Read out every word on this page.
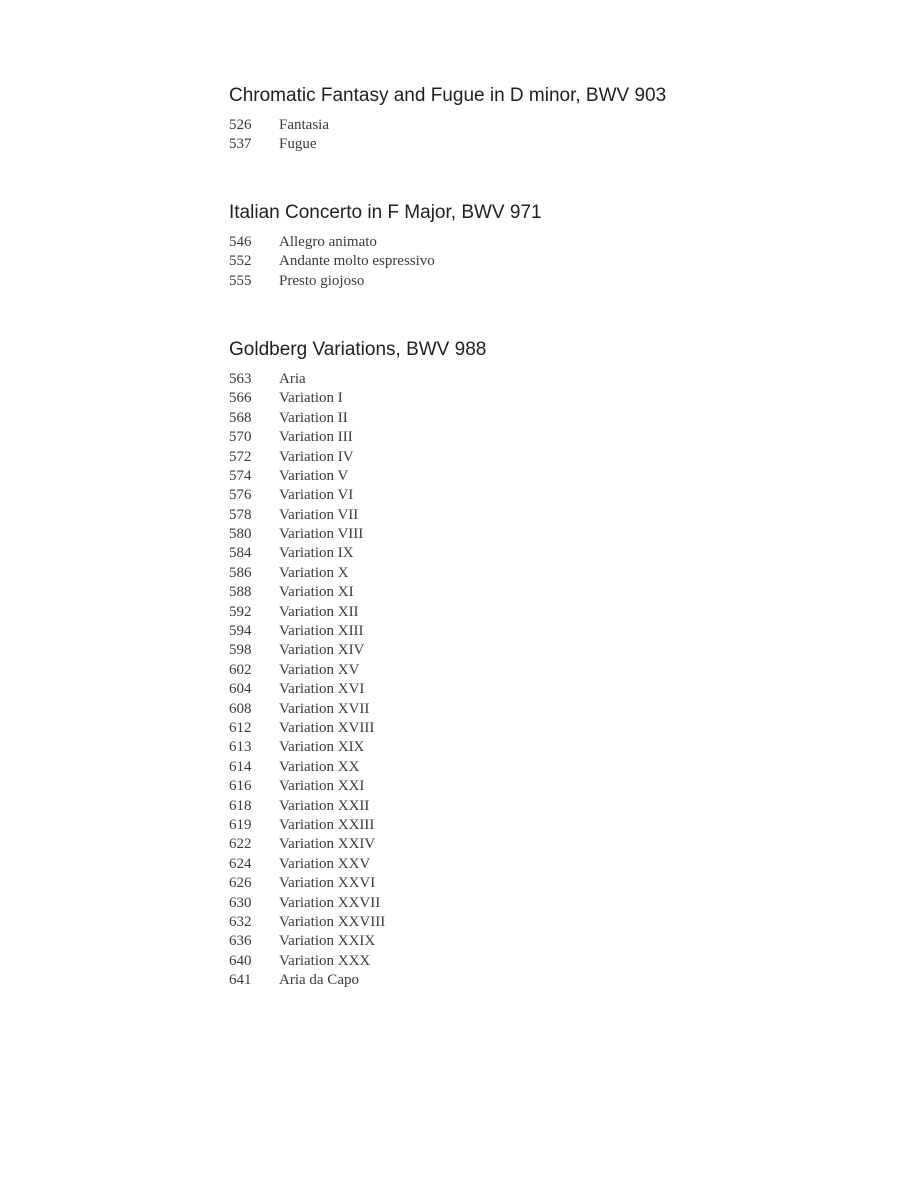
Chromatic Fantasy and Fugue in D minor, BWV 903
526	Fantasia
537	Fugue
Italian Concerto in F Major, BWV 971
546	Allegro animato
552	Andante molto espressivo
555	Presto giojoso
Goldberg Variations, BWV 988
563	Aria
566	Variation I
568	Variation II
570	Variation III
572	Variation IV
574	Variation V
576	Variation VI
578	Variation VII
580	Variation VIII
584	Variation IX
586	Variation X
588	Variation XI
592	Variation XII
594	Variation XIII
598	Variation XIV
602	Variation XV
604	Variation XVI
608	Variation XVII
612	Variation XVIII
613	Variation XIX
614	Variation XX
616	Variation XXI
618	Variation XXII
619	Variation XXIII
622	Variation XXIV
624	Variation XXV
626	Variation XXVI
630	Variation XXVII
632	Variation XXVIII
636	Variation XXIX
640	Variation XXX
641	Aria da Capo
